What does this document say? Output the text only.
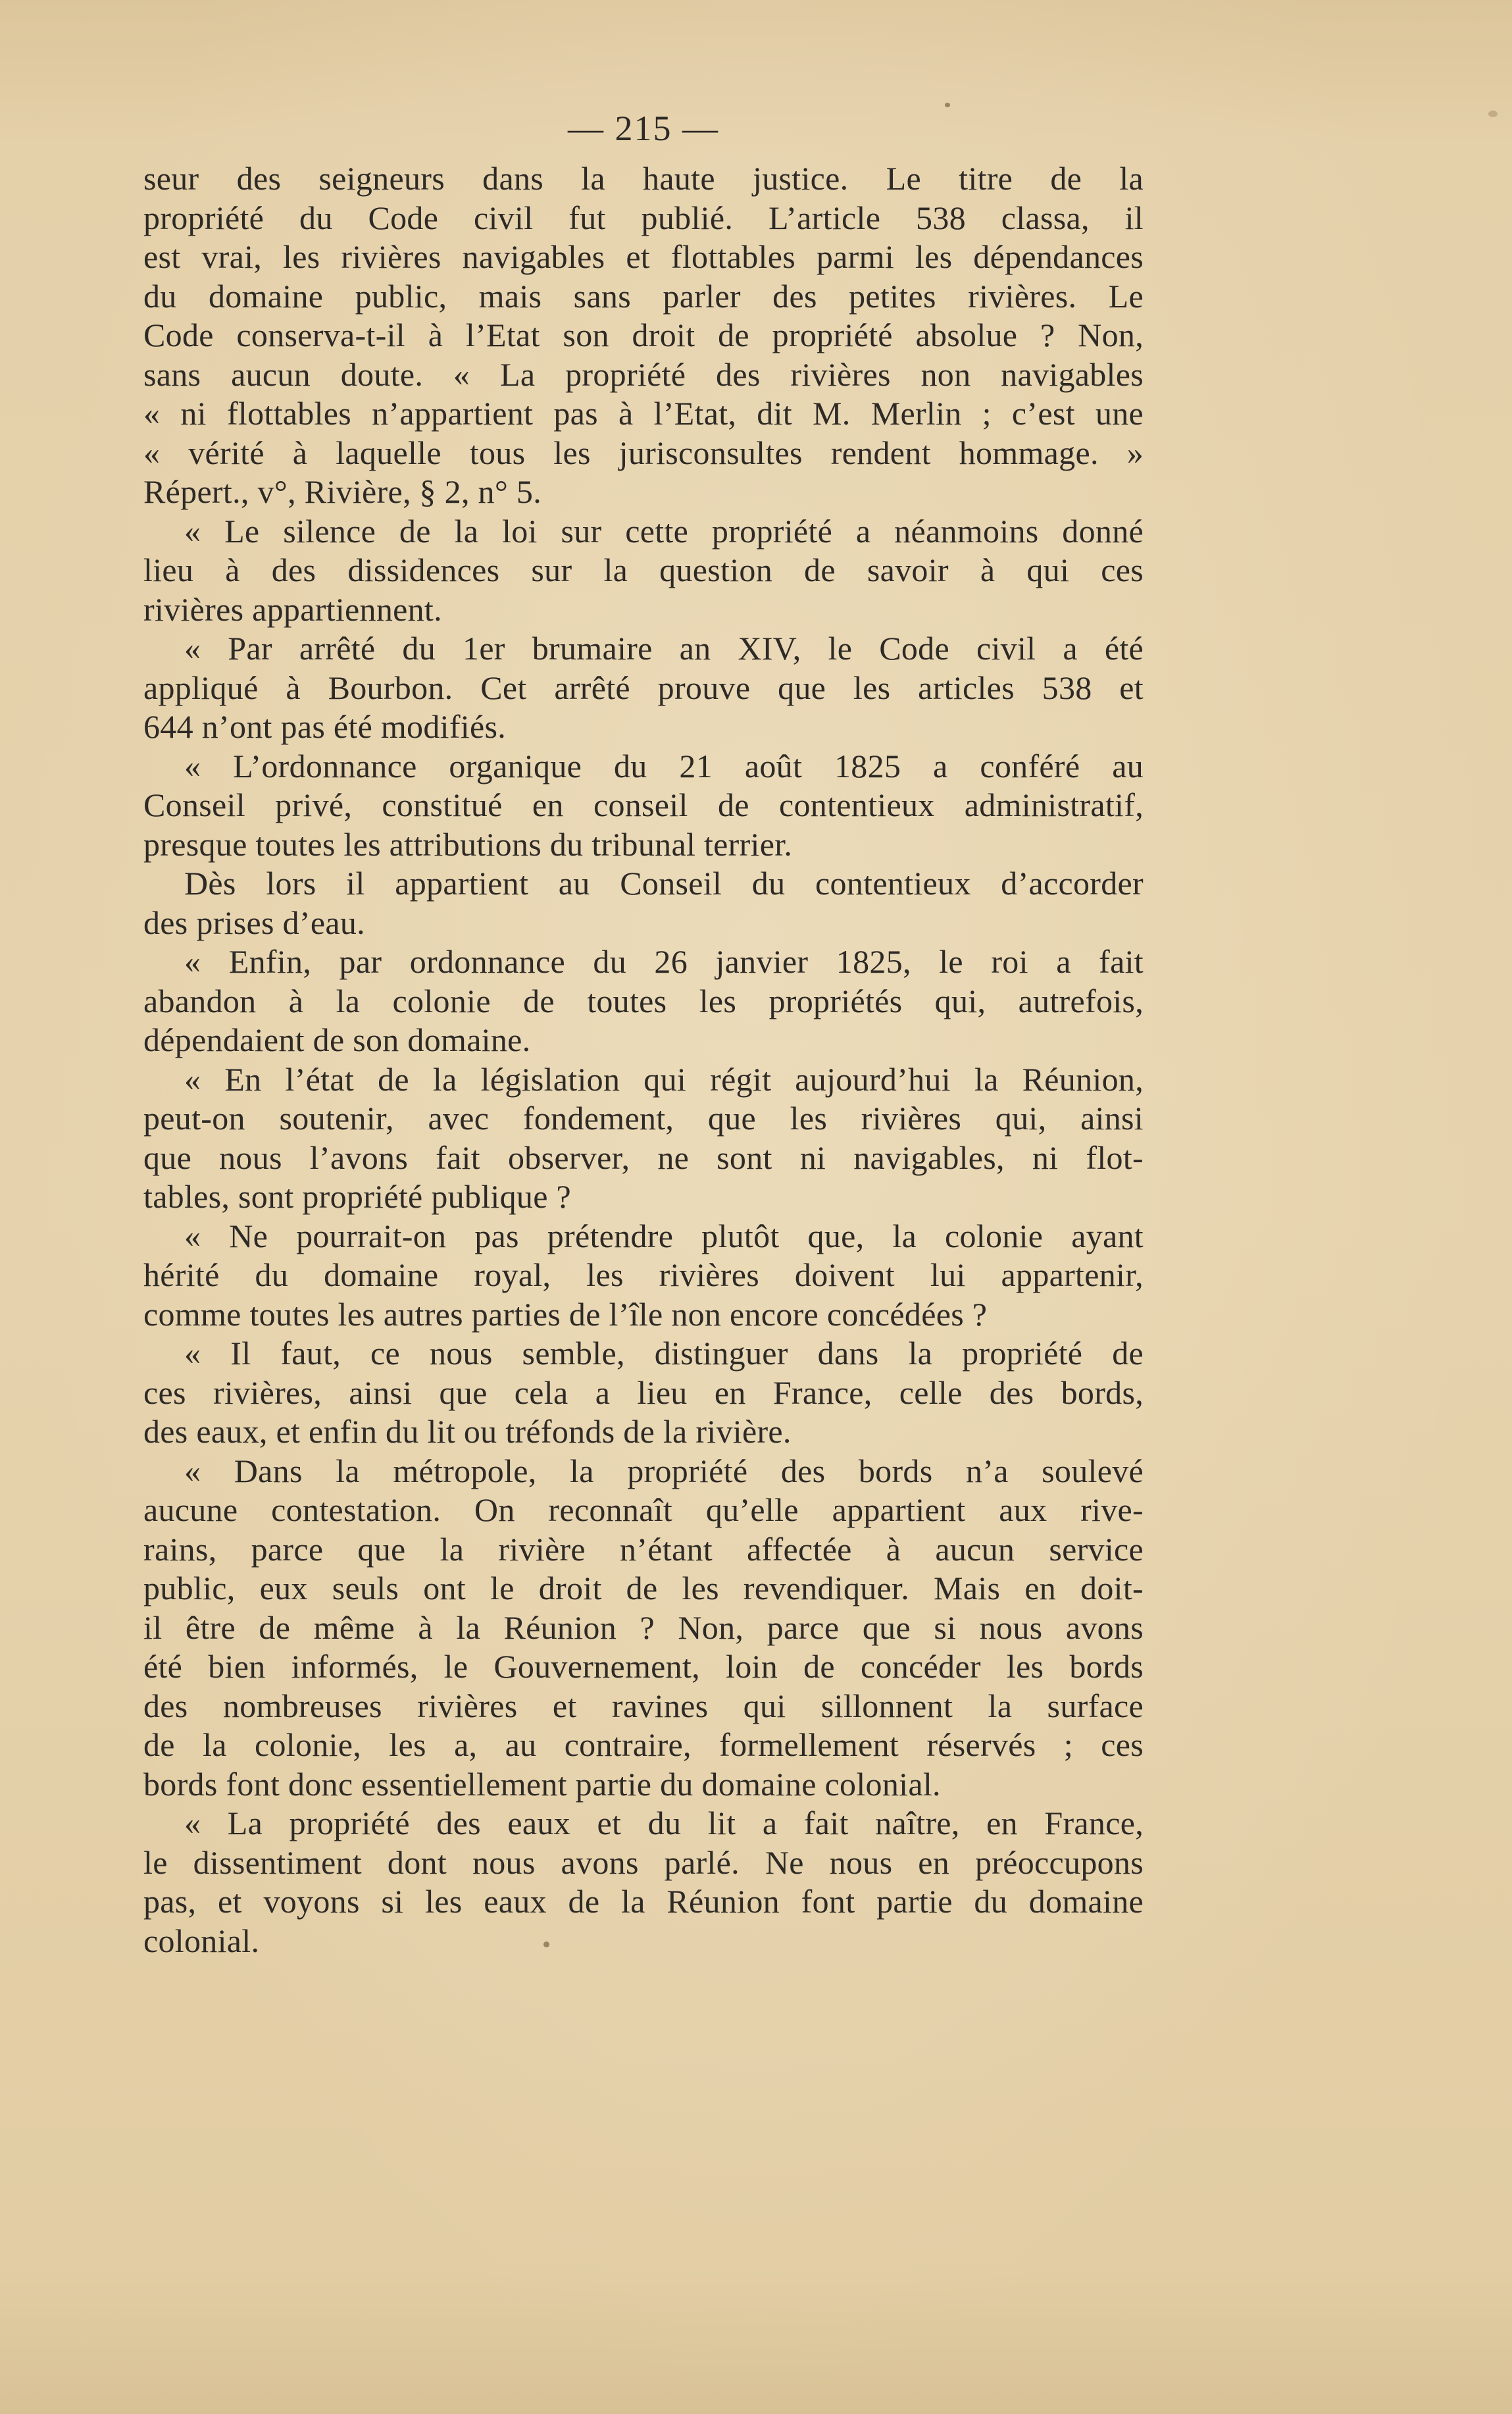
— 215 —
seur des seigneurs dans la haute justice. Le titre de la
propriété du Code civil fut publié. L’article 538 classa, il
est vrai, les rivières navigables et flottables parmi les dépendances
du domaine public, mais sans parler des petites rivières. Le
Code conserva-t-il à l’Etat son droit de propriété absolue ? Non,
sans aucun doute. « La propriété des rivières non navigables
« ni flottables n’appartient pas à l’Etat, dit M. Merlin ; c’est une
« vérité à laquelle tous les jurisconsultes rendent hommage. »
Répert., v°, Rivière, § 2, n° 5.
« Le silence de la loi sur cette propriété a néanmoins donné
lieu à des dissidences sur la question de savoir à qui ces
rivières appartiennent.
« Par arrêté du 1er brumaire an XIV, le Code civil a été
appliqué à Bourbon. Cet arrêté prouve que les articles 538 et
644 n’ont pas été modifiés.
« L’ordonnance organique du 21 août 1825 a conféré au
Conseil privé, constitué en conseil de contentieux administratif,
presque toutes les attributions du tribunal terrier.
Dès lors il appartient au Conseil du contentieux d’accorder
des prises d’eau.
« Enfin, par ordonnance du 26 janvier 1825, le roi a fait
abandon à la colonie de toutes les propriétés qui, autrefois,
dépendaient de son domaine.
« En l’état de la législation qui régit aujourd’hui la Réunion,
peut-on soutenir, avec fondement, que les rivières qui, ainsi
que nous l’avons fait observer, ne sont ni navigables, ni flot-
tables, sont propriété publique ?
« Ne pourrait-on pas prétendre plutôt que, la colonie ayant
hérité du domaine royal, les rivières doivent lui appartenir,
comme toutes les autres parties de l’île non encore concédées ?
« Il faut, ce nous semble, distinguer dans la propriété de
ces rivières, ainsi que cela a lieu en France, celle des bords,
des eaux, et enfin du lit ou tréfonds de la rivière.
« Dans la métropole, la propriété des bords n’a soulevé
aucune contestation. On reconnaît qu’elle appartient aux rive-
rains, parce que la rivière n’étant affectée à aucun service
public, eux seuls ont le droit de les revendiquer. Mais en doit-
il être de même à la Réunion ? Non, parce que si nous avons
été bien informés, le Gouvernement, loin de concéder les bords
des nombreuses rivières et ravines qui sillonnent la surface
de la colonie, les a, au contraire, formellement réservés ; ces
bords font donc essentiellement partie du domaine colonial.
« La propriété des eaux et du lit a fait naître, en France,
le dissentiment dont nous avons parlé. Ne nous en préoccupons
pas, et voyons si les eaux de la Réunion font partie du domaine
colonial.
